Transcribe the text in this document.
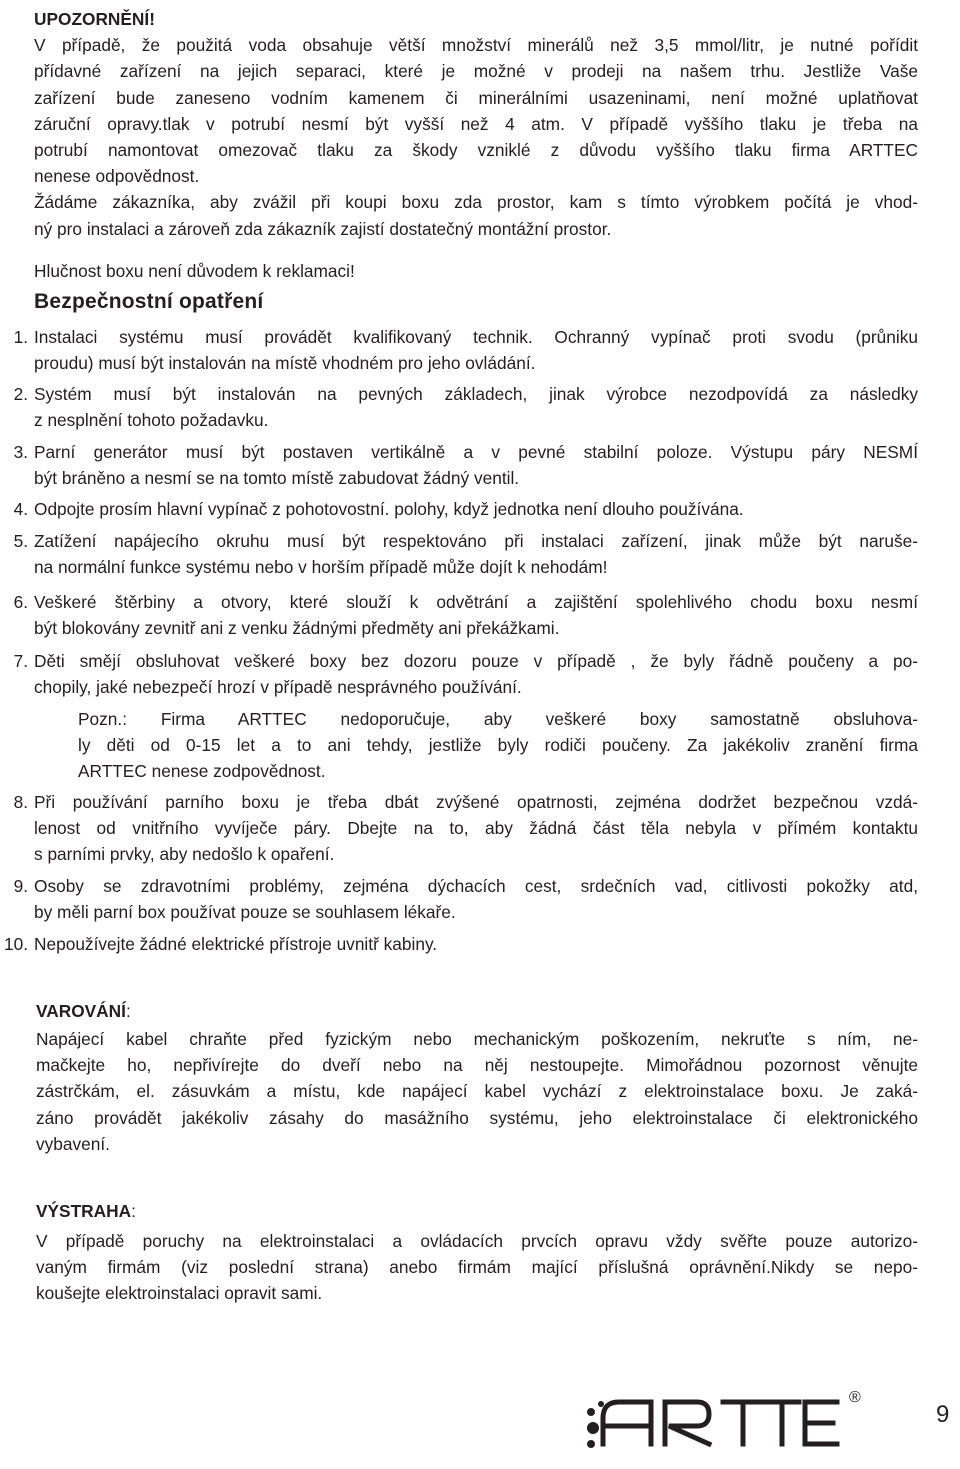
UPOZORNĚNÍ!
V případě, že použitá voda obsahuje větší množství minerálů než 3,5 mmol/litr, je nutné pořídit
přídavné zařízení na jejich separaci, které je možné v prodeji na našem trhu. Jestliže Vaše
zařízení bude zaneseno vodním kamenem či minerálními usazeninami, není možné uplatňovat
záruční opravy.tlak v potrubí nesmí být vyšší než 4 atm. V případě vyššího tlaku je třeba na
potrubí namontovat omezovač tlaku za škody vzniklé z důvodu vyššího tlaku firma ARTTEC
nenese odpovědnost.
Žádáme zákazníka, aby zvážil při koupi boxu zda prostor, kam s tímto výrobkem počítá je vhod-
ný pro instalaci a zároveň zda zákazník zajistí dostatečný montážní prostor.
Hlučnost boxu není důvodem k reklamaci!
Bezpečnostní opatření
1. Instalaci systému musí provádět kvalifikovaný technik. Ochranný vypínač proti svodu (průniku
proudu) musí být instalován na místě vhodném pro jeho ovládání.
2. Systém musí být instalován na pevných základech, jinak výrobce nezodpovídá za následky
z nesplnění tohoto požadavku.
3. Parní generátor musí být postaven vertikálně a v pevné stabilní poloze. Výstupu páry NESMÍ
být bráněno a nesmí se na tomto místě zabudovat žádný ventil.
4. Odpojte prosím hlavní vypínač z pohotovostní. polohy, když jednotka není dlouho používána.
5. Zatížení napájecího okruhu musí být respektováno při instalaci zařízení, jinak může být naruše-
na normální funkce systému nebo v horším případě může dojít k nehodám!
6. Veškeré štěrbiny a otvory, které slouží k odvětrání a zajištění spolehlivého chodu boxu nesmí
být blokovány zevnitř ani z venku žádnými předměty ani překážkami.
7. Děti smějí obsluhovat veškeré boxy bez dozoru pouze v případě , že byly řádně poučeny a po-
chopily, jaké nebezpečí hrozí v případě nesprávného používání.
Pozn.: Firma ARTTEC nedoporučuje, aby veškeré boxy samostatně obsluhova-
ly děti od 0-15 let a to ani tehdy, jestliže byly rodiči poučeny. Za jakékoliv zranění firma
ARTTEC nenese zodpovědnost.
8. Při používání parního boxu je třeba dbát zvýšené opatrnosti, zejména dodržet bezpečnou vzdá-
lenost od vnitřního vyvíječe páry. Dbejte na to, aby žádná část těla nebyla v přímém kontaktu
s parními prvky, aby nedošlo k opaření.
9. Osoby se zdravotními problémy, zejména dýchacích cest, srdečních vad, citlivosti pokožky atd,
by měli parní box používat pouze se souhlasem lékaře.
10. Nepoužívejte žádné elektrické přístroje uvnitř kabiny.
VAROVÁNÍ:
Napájecí kabel chraňte před fyzickým nebo mechanickým poškozením, nekruťte s ním, ne-
mačkejte ho, nepřivírejte do dveří nebo na něj nestoupejte. Mimořádnou pozornost věnujte
zástrčkám, el. zásuvkám a místu, kde napájecí kabel vychází z elektroinstalace boxu. Je zaká-
záno provádět jakékoliv zásahy do masážního systému, jeho elektroinstalace či elektronického
vybavení.
VÝSTRAHA:
V případě poruchy na elektroinstalaci a ovládacích prvcích opravu vždy svěřte pouze autorizo-
vaným firmám (viz poslední strana) anebo firmám mající příslušná oprávnění.Nikdy se nepo-
koušejte elektroinstalaci opravit sami.
®
ARTTEC
9
